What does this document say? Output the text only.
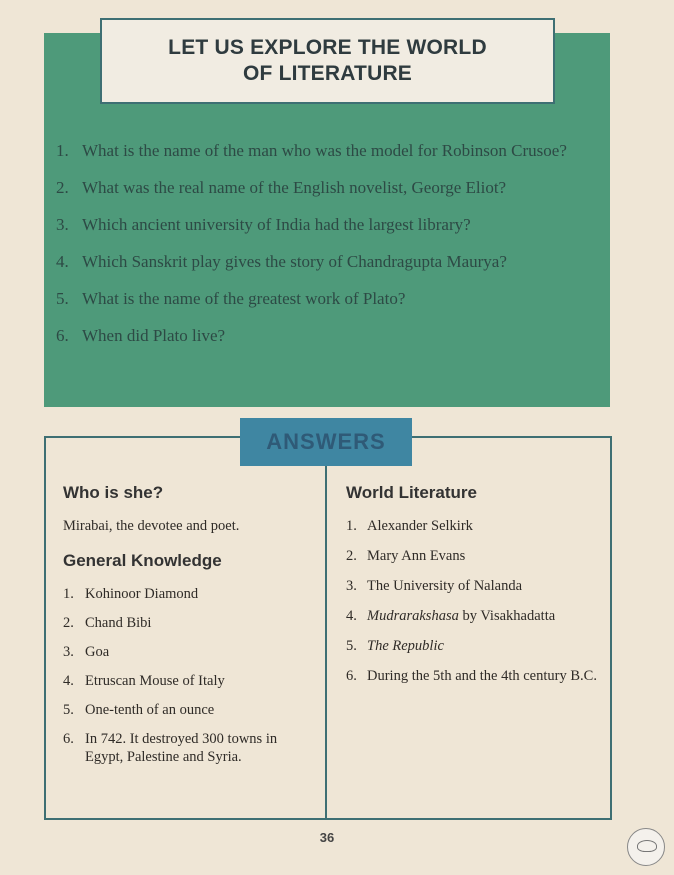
LET US EXPLORE THE WORLD
OF LITERATURE
1. What is the name of the man who was the model for Robinson Crusoe?
2. What was the real name of the English novelist, George Eliot?
3. Which ancient university of India had the largest library?
4. Which Sanskrit play gives the story of Chandragupta Maurya?
5. What is the name of the greatest work of Plato?
6. When did Plato live?
ANSWERS
Who is she?
Mirabai, the devotee and poet.
General Knowledge
1. Kohinoor Diamond
2. Chand Bibi
3. Goa
4. Etruscan Mouse of Italy
5. One-tenth of an ounce
6. In 742. It destroyed 300 towns in Egypt, Palestine and Syria.
World Literature
1. Alexander Selkirk
2. Mary Ann Evans
3. The University of Nalanda
4. Mudrarakshasa by Visakhadatta
5. The Republic
6. During the 5th and the 4th century B.C.
36
